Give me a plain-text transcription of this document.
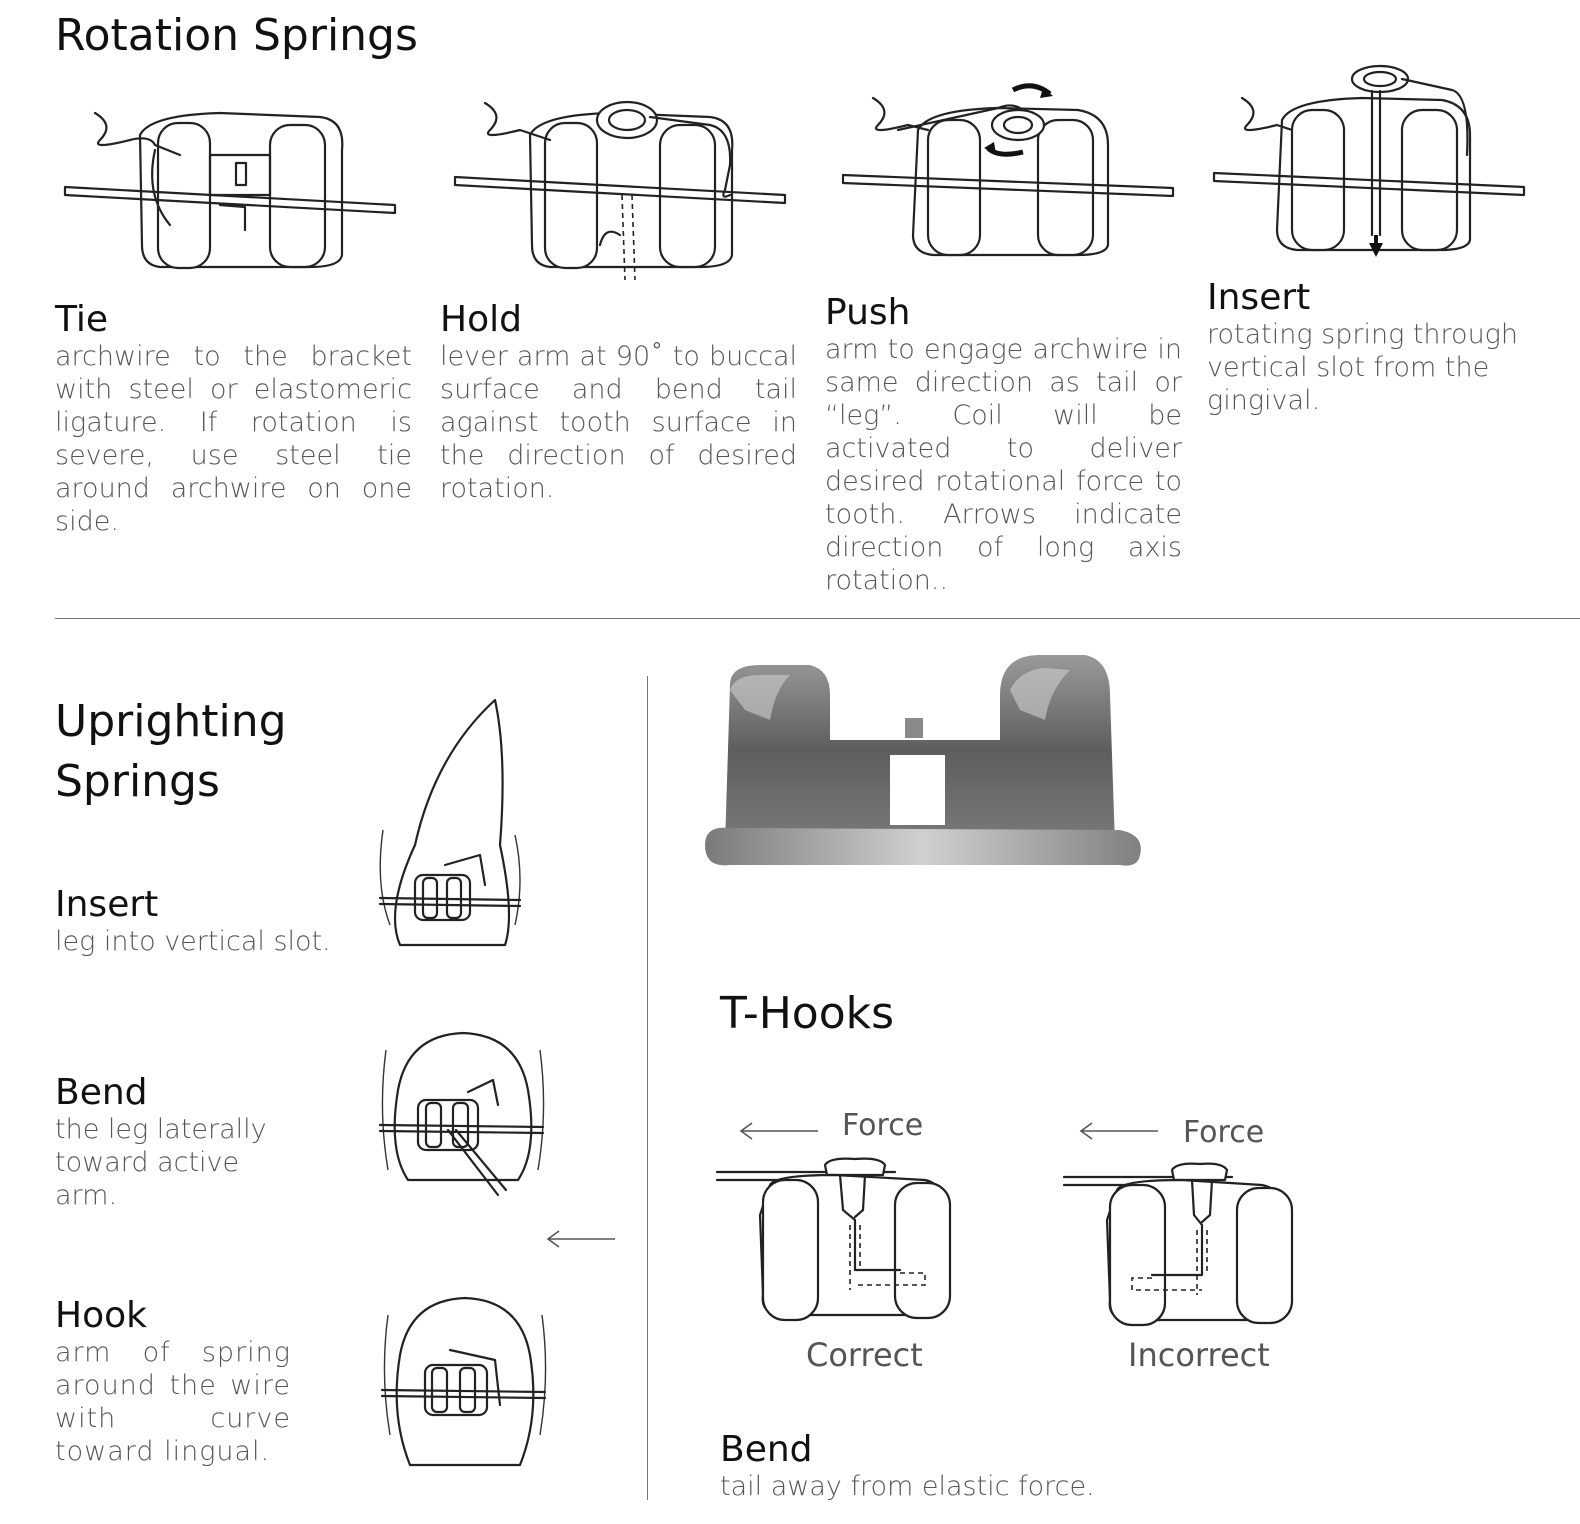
Rotation Springs

Tie

archwire to the bracket with steel or elastomeric ligature. If rotation is severe, use steel tie around archwire on one side.

Hold

lever arm at 90˚ to buccal surface and bend tail against tooth surface in the direction of desired rotation.

Push

arm to engage archwire in same direction as tail or “leg”. Coil will be activated to deliver desired rotational force to tooth. Arrows indicate direction of long axis rotation..

Insert

rotating spring through vertical slot from the gingival.

Uprighting

Springs

Insert

leg into vertical slot.

Bend

the leg laterally toward active arm.

Hook

arm of spring around the wire with curve toward lingual.

T-Hooks
Force	Force
Correct	Incorrect

Bend

tail away from elastic force.
